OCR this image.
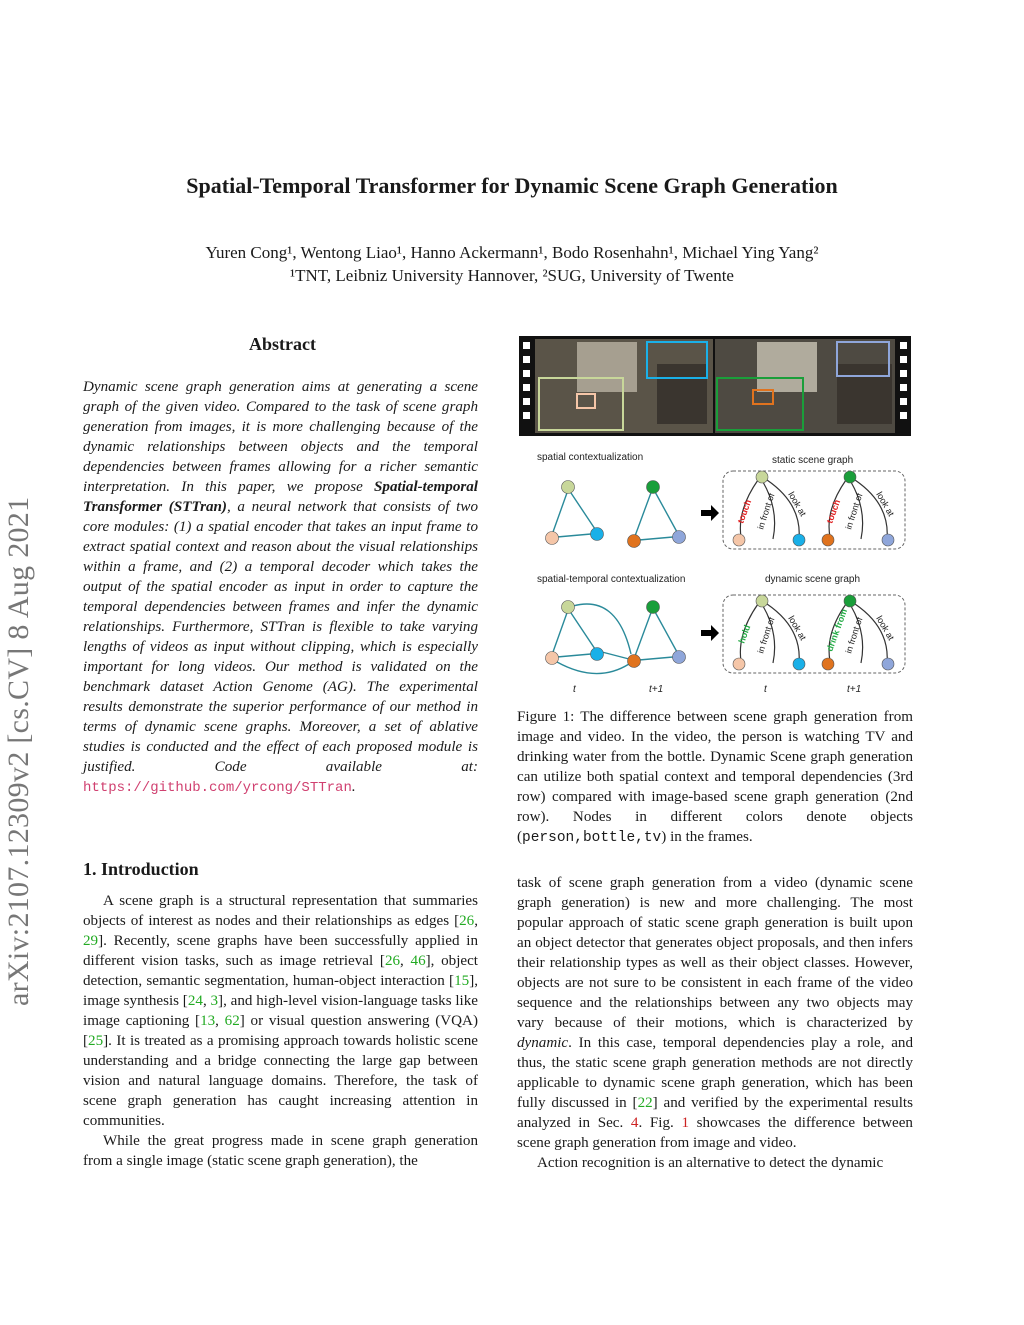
Spatial-Temporal Transformer for Dynamic Scene Graph Generation
Yuren Cong¹, Wentong Liao¹, Hanno Ackermann¹, Bodo Rosenhahn¹, Michael Ying Yang²
¹TNT, Leibniz University Hannover, ²SUG, University of Twente
arXiv:2107.12309v2 [cs.CV] 8 Aug 2021
Abstract
Dynamic scene graph generation aims at generating a scene graph of the given video. Compared to the task of scene graph generation from images, it is more challenging because of the dynamic relationships between objects and the temporal dependencies between frames allowing for a richer semantic interpretation. In this paper, we propose Spatial-temporal Transformer (STTran), a neural network that consists of two core modules: (1) a spatial encoder that takes an input frame to extract spatial context and reason about the visual relationships within a frame, and (2) a temporal decoder which takes the output of the spatial encoder as input in order to capture the temporal dependencies between frames and infer the dynamic relationships. Furthermore, STTran is flexible to take varying lengths of videos as input without clipping, which is especially important for long videos. Our method is validated on the benchmark dataset Action Genome (AG). The experimental results demonstrate the superior performance of our method in terms of dynamic scene graphs. Moreover, a set of ablative studies is conducted and the effect of each proposed module is justified. Code available at: https://github.com/yrcong/STTran.
1. Introduction

A scene graph is a structural representation that summaries objects of interest as nodes and their relationships as edges [26, 29]. Recently, scene graphs have been successfully applied in different vision tasks, such as image retrieval [26, 46], object detection, semantic segmentation, human-object interaction [15], image synthesis [24, 3], and high-level vision-language tasks like image captioning [13, 62] or visual question answering (VQA) [25]. It is treated as a promising approach towards holistic scene understanding and a bridge connecting the large gap between vision and natural language domains. Therefore, the task of scene graph generation has caught increasing attention in communities.

While the great progress made in scene graph generation from a single image (static scene graph generation), the

spatial contextualization	static scene graph
spatial-temporal contextualization	dynamic scene graph
touch in front of look at touch in front of look at
hold in front of look at drink from
in front of look at
t	t+1	t	t+1
Figure 1: The difference between scene graph generation from image and video. In the video, the person is watching TV and drinking water from the bottle. Dynamic Scene graph generation can utilize both spatial context and temporal dependencies (3rd row) compared with image-based scene graph generation (2nd row). Nodes in different colors denote objects (person,bottle,tv) in the frames.

task of scene graph generation from a video (dynamic scene graph generation) is new and more challenging. The most popular approach of static scene graph generation is built upon an object detector that generates object proposals, and then infers their relationship types as well as their object classes. However, objects are not sure to be consistent in each frame of the video sequence and the relationships between any two objects may vary because of their motions, which is characterized by dynamic. In this case, temporal dependencies play a role, and thus, the static scene graph generation methods are not directly applicable to dynamic scene graph generation, which has been fully discussed in [22] and verified by the experimental results analyzed in Sec. 4. Fig. 1 showcases the difference between scene graph generation from image and video.

Action recognition is an alternative to detect the dynamic
